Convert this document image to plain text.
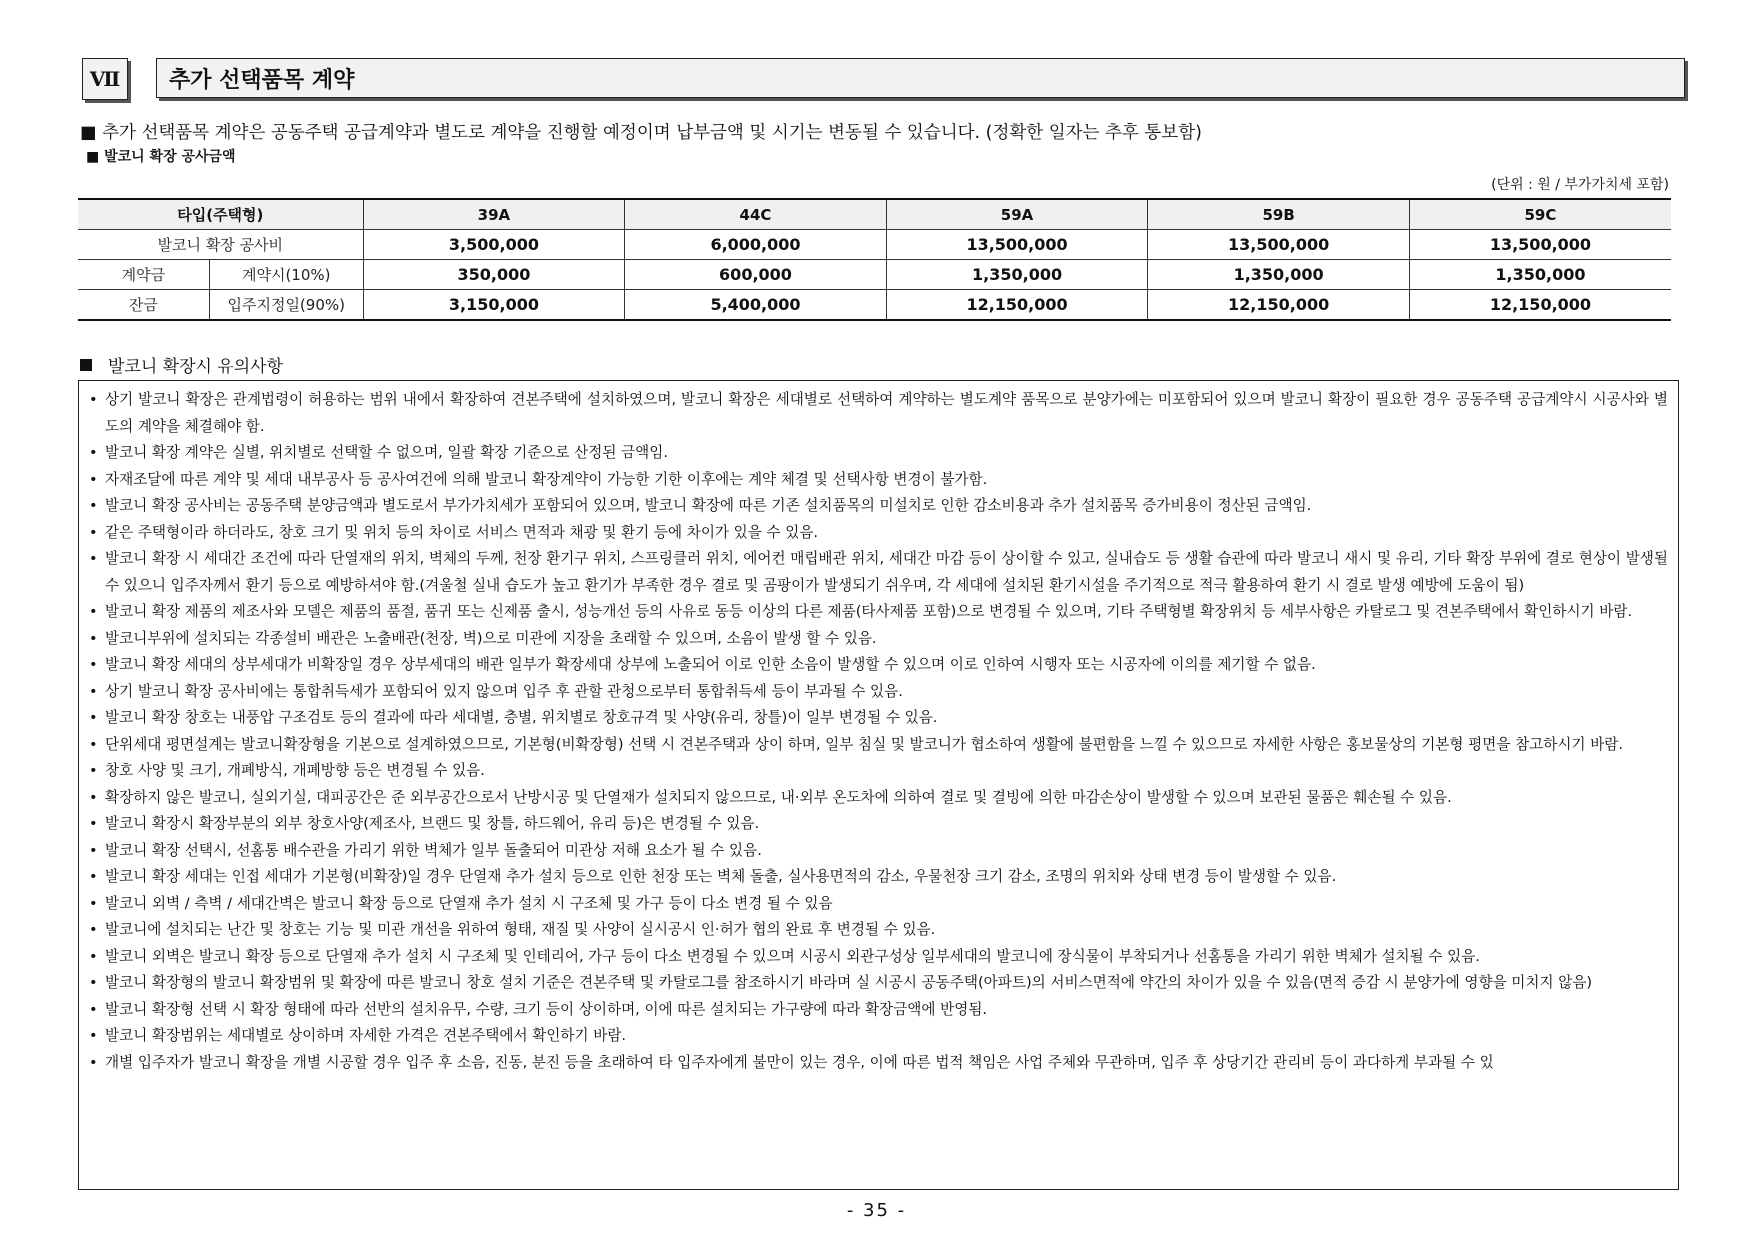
Ⅶ	추가 선택품목 계약
■ 추가 선택품목 계약은 공동주택 공급계약과 별도로 계약을 진행할 예정이며 납부금액 및 시기는 변동될 수 있습니다. (정확한 일자는 추후 통보함)
■ 발코니 확장 공사금액
(단위 : 원 / 부가가치세 포함)
타입(주택형)		39A	44C	59A	59B	59C
발코니 확장 공사비		3,500,000	6,000,000	13,500,000	13,500,000	13,500,000
계약금	계약시(10%)	350,000	600,000	1,350,000	1,350,000	1,350,000
잔금	입주지정일(90%)	3,150,000	5,400,000	12,150,000	12,150,000	12,150,000
발코니 확장시 유의사항
• 상기 발코니 확장은 관계법령이 허용하는 범위 내에서 확장하여 견본주택에 설치하였으며, 발코니 확장은 세대별로 선택하여 계약하는 별도계약 품목으로 분양가에는 미포함되어 있으며 발코니 확장이 필요한 경우 공동주택 공급계약시 시공사와 별도의 계약을 체결해야 함.
• 발코니 확장 계약은 실별, 위치별로 선택할 수 없으며, 일괄 확장 기준으로 산정된 금액임.
• 자재조달에 따른 계약 및 세대 내부공사 등 공사여건에 의해 발코니 확장계약이 가능한 기한 이후에는 계약 체결 및 선택사항 변경이 불가함.
• 발코니 확장 공사비는 공동주택 분양금액과 별도로서 부가가치세가 포함되어 있으며, 발코니 확장에 따른 기존 설치품목의 미설치로 인한 감소비용과 추가 설치품목 증가비용이 정산된 금액임.
• 같은 주택형이라 하더라도, 창호 크기 및 위치 등의 차이로 서비스 면적과 채광 및 환기 등에 차이가 있을 수 있음.
• 발코니 확장 시 세대간 조건에 따라 단열재의 위치, 벽체의 두께, 천장 환기구 위치, 스프링클러 위치, 에어컨 매립배관 위치, 세대간 마감 등이 상이할 수 있고, 실내습도 등 생활 습관에 따라 발코니 새시 및 유리, 기타 확장 부위에 결로 현상이 발생될 수 있으니 입주자께서 환기 등으로 예방하셔야 함.(겨울철 실내 습도가 높고 환기가 부족한 경우 결로 및 곰팡이가 발생되기 쉬우며, 각 세대에 설치된 환기시설을 주기적으로 적극 활용하여 환기 시 결로 발생 예방에 도움이 됨)
• 발코니 확장 제품의 제조사와 모델은 제품의 품절, 품귀 또는 신제품 출시, 성능개선 등의 사유로 동등 이상의 다른 제품(타사제품 포함)으로 변경될 수 있으며, 기타 주택형별 확장위치 등 세부사항은 카탈로그 및 견본주택에서 확인하시기 바람.
• 발코니부위에 설치되는 각종설비 배관은 노출배관(천장, 벽)으로 미관에 지장을 초래할 수 있으며, 소음이 발생 할 수 있음.
• 발코니 확장 세대의 상부세대가 비확장일 경우 상부세대의 배관 일부가 확장세대 상부에 노출되어 이로 인한 소음이 발생할 수 있으며 이로 인하여 시행자 또는 시공자에 이의를 제기할 수 없음.
• 상기 발코니 확장 공사비에는 통합취득세가 포함되어 있지 않으며 입주 후 관할 관청으로부터 통합취득세 등이 부과될 수 있음.
• 발코니 확장 창호는 내풍압 구조검토 등의 결과에 따라 세대별, 층별, 위치별로 창호규격 및 사양(유리, 창틀)이 일부 변경될 수 있음.
• 단위세대 평면설계는 발코니확장형을 기본으로 설계하였으므로, 기본형(비확장형) 선택 시 견본주택과 상이 하며, 일부 침실 및 발코니가 협소하여 생활에 불편함을 느낄 수 있으므로 자세한 사항은 홍보물상의 기본형 평면을 참고하시기 바람.
• 창호 사양 및 크기, 개폐방식, 개폐방향 등은 변경될 수 있음.
• 확장하지 않은 발코니, 실외기실, 대피공간은 준 외부공간으로서 난방시공 및 단열재가 설치되지 않으므로, 내·외부 온도차에 의하여 결로 및 결빙에 의한 마감손상이 발생할 수 있으며 보관된 물품은 훼손될 수 있음.
• 발코니 확장시 확장부분의 외부 창호사양(제조사, 브랜드 및 창틀, 하드웨어, 유리 등)은 변경될 수 있음.
• 발코니 확장 선택시, 선홈통 배수관을 가리기 위한 벽체가 일부 돌출되어 미관상 저해 요소가 될 수 있음.
• 발코니 확장 세대는 인접 세대가 기본형(비확장)일 경우 단열재 추가 설치 등으로 인한 천장 또는 벽체 돌출, 실사용면적의 감소, 우물천장 크기 감소, 조명의 위치와 상태 변경 등이 발생할 수 있음.
• 발코니 외벽 / 측벽 / 세대간벽은 발코니 확장 등으로 단열재 추가 설치 시 구조체 및 가구 등이 다소 변경 될 수 있음
• 발코니에 설치되는 난간 및 창호는 기능 및 미관 개선을 위하여 형태, 재질 및 사양이 실시공시 인·허가 협의 완료 후 변경될 수 있음.
• 발코니 외벽은 발코니 확장 등으로 단열재 추가 설치 시 구조체 및 인테리어, 가구 등이 다소 변경될 수 있으며 시공시 외관구성상 일부세대의 발코니에 장식물이 부착되거나 선홈통을 가리기 위한 벽체가 설치될 수 있음.
• 발코니 확장형의 발코니 확장범위 및 확장에 따른 발코니 창호 설치 기준은 견본주택 및 카탈로그를 참조하시기 바라며 실 시공시 공동주택(아파트)의 서비스면적에 약간의 차이가 있을 수 있음(면적 증감 시 분양가에 영향을 미치지 않음)
• 발코니 확장형 선택 시 확장 형태에 따라 선반의 설치유무, 수량, 크기 등이 상이하며, 이에 따른 설치되는 가구량에 따라 확장금액에 반영됨.
• 발코니 확장범위는 세대별로 상이하며 자세한 가격은 견본주택에서 확인하기 바람.
• 개별 입주자가 발코니 확장을 개별 시공할 경우 입주 후 소음, 진동, 분진 등을 초래하여 타 입주자에게 불만이 있는 경우, 이에 따른 법적 책임은 사업 주체와 무관하며, 입주 후 상당기간 관리비 등이 과다하게 부과될 수 있
- 35 -
